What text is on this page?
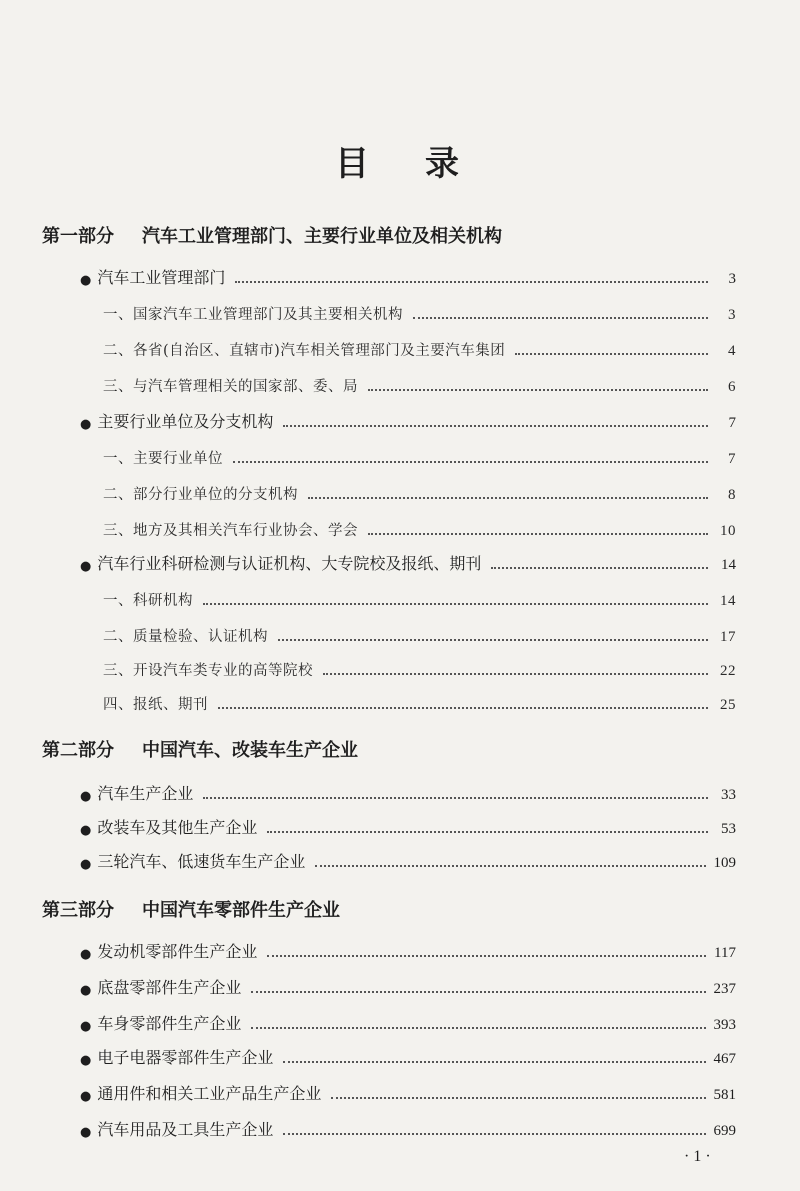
目录
第一部分 汽车工业管理部门、主要行业单位及相关机构
● 汽车工业管理部门	3
一、国家汽车工业管理部门及其主要相关机构	3
二、各省(自治区、直辖市)汽车相关管理部门及主要汽车集团	4
三、与汽车管理相关的国家部、委、局	6
● 主要行业单位及分支机构	7
一、主要行业单位	7
二、部分行业单位的分支机构	8
三、地方及其相关汽车行业协会、学会	10
● 汽车行业科研检测与认证机构、大专院校及报纸、期刊	14
一、科研机构	14
二、质量检验、认证机构	17
三、开设汽车类专业的高等院校	22
四、报纸、期刊	25
第二部分 中国汽车、改装车生产企业
● 汽车生产企业	33
● 改装车及其他生产企业	53
● 三轮汽车、低速货车生产企业	109
第三部分 中国汽车零部件生产企业
● 发动机零部件生产企业	117
● 底盘零部件生产企业	237
● 车身零部件生产企业	393
● 电子电器零部件生产企业	467
● 通用件和相关工业产品生产企业	581
● 汽车用品及工具生产企业	699
· 1 ·
